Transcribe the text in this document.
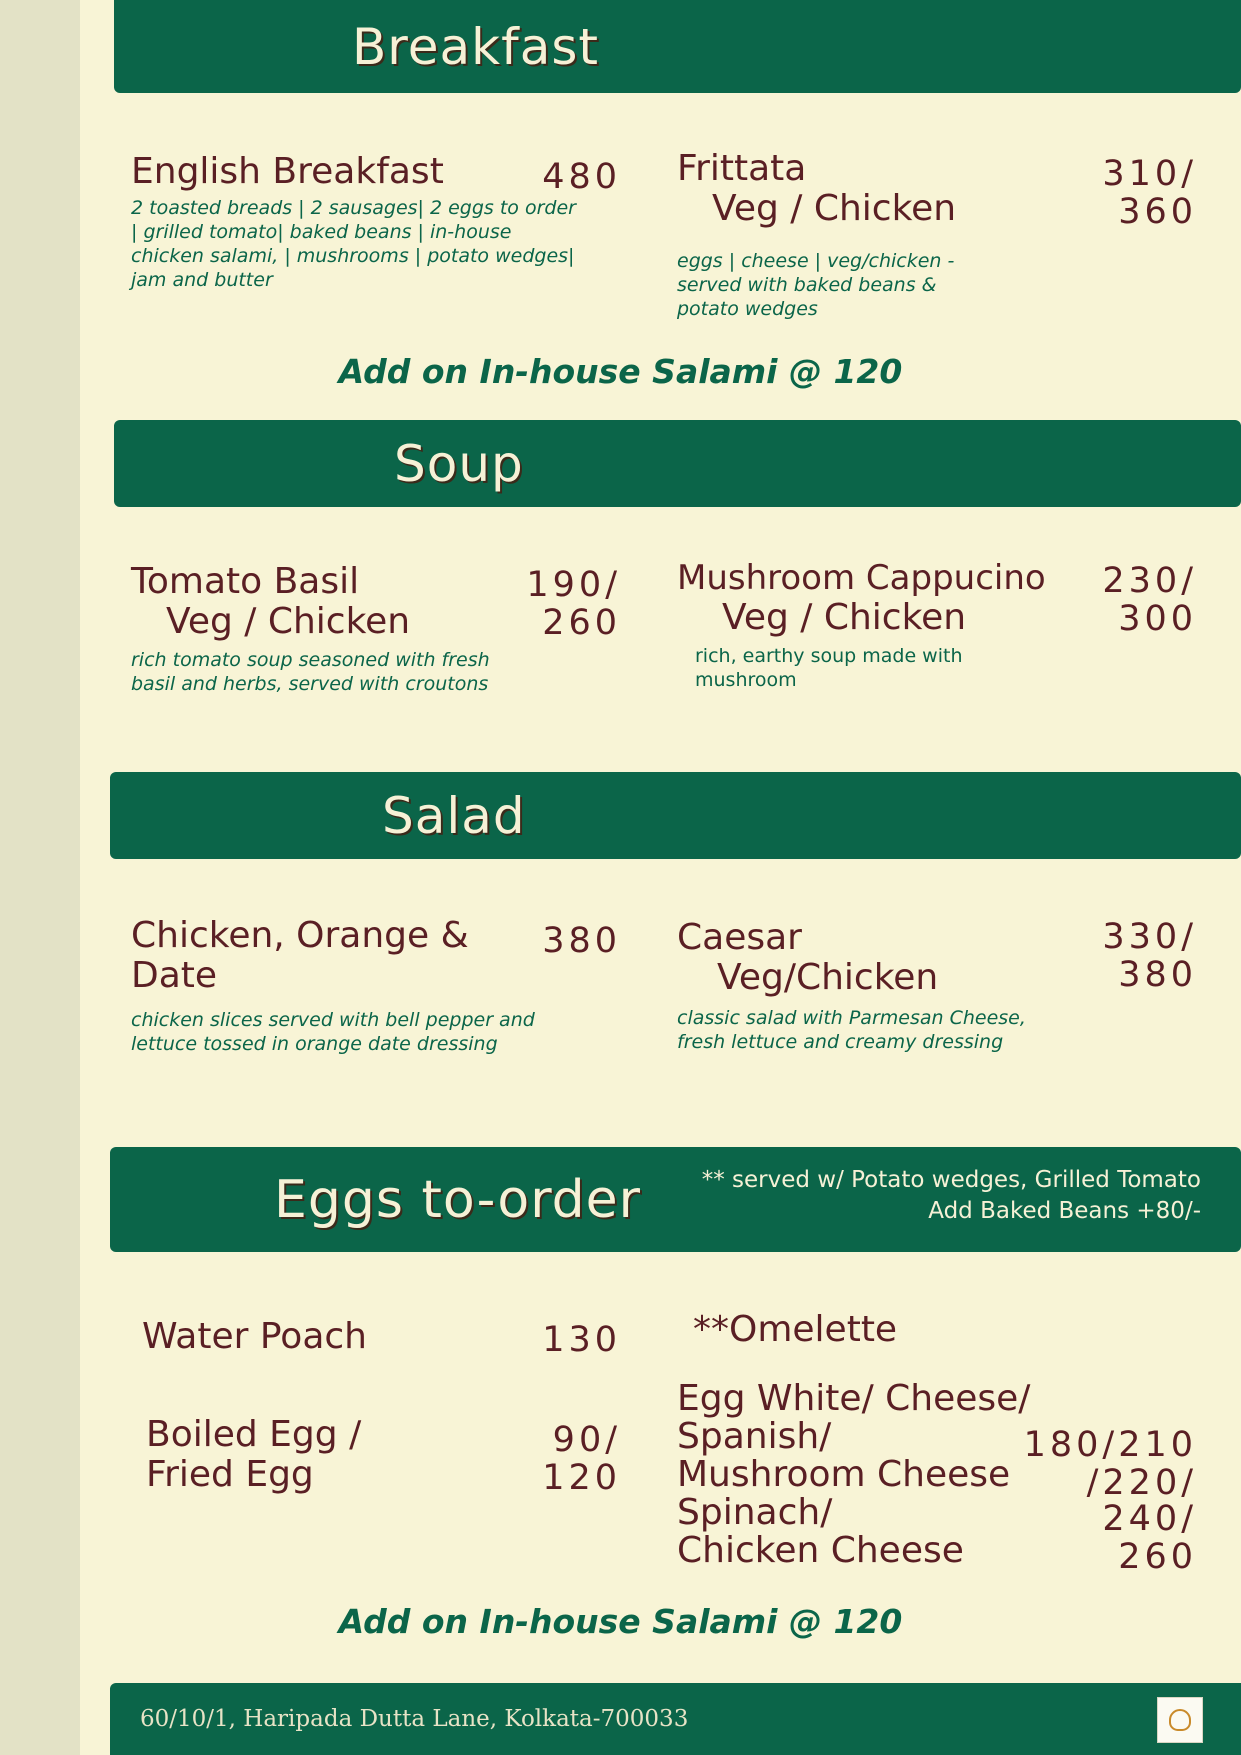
Breakfast
English Breakfast	480
2 toasted breads | 2 sausages| 2 eggs to order | grilled tomato| baked beans | in-house chicken salami, | mushrooms | potato wedges| jam and butter
Frittata
Veg / Chicken
310/
360
eggs | cheese | veg/chicken - served with baked beans & potato wedges
Add on In-house Salami @ 120
Soup
Tomato Basil
Veg / Chicken
190/
260
rich tomato soup seasoned with fresh basil and herbs, served with croutons
Mushroom Cappucino
Veg / Chicken
230/
300
rich, earthy soup made with mushroom
Salad
Chicken, Orange &
Date
380
chicken slices served with bell pepper and lettuce tossed in orange date dressing
Caesar
Veg/Chicken
330/
380
classic salad with Parmesan Cheese, fresh lettuce and creamy dressing
Eggs to-order	** served w/ Potato wedges, Grilled Tomato
Add Baked Beans +80/-
Water Poach	130
Boiled Egg /
Fried Egg
90/
120
**Omelette
Egg White/ Cheese/
Spanish/
Mushroom Cheese
Spinach/
Chicken Cheese
180/210
/220/
240/
260
Add on In-house Salami @ 120
60/10/1, Haripada Dutta Lane, Kolkata-700033
